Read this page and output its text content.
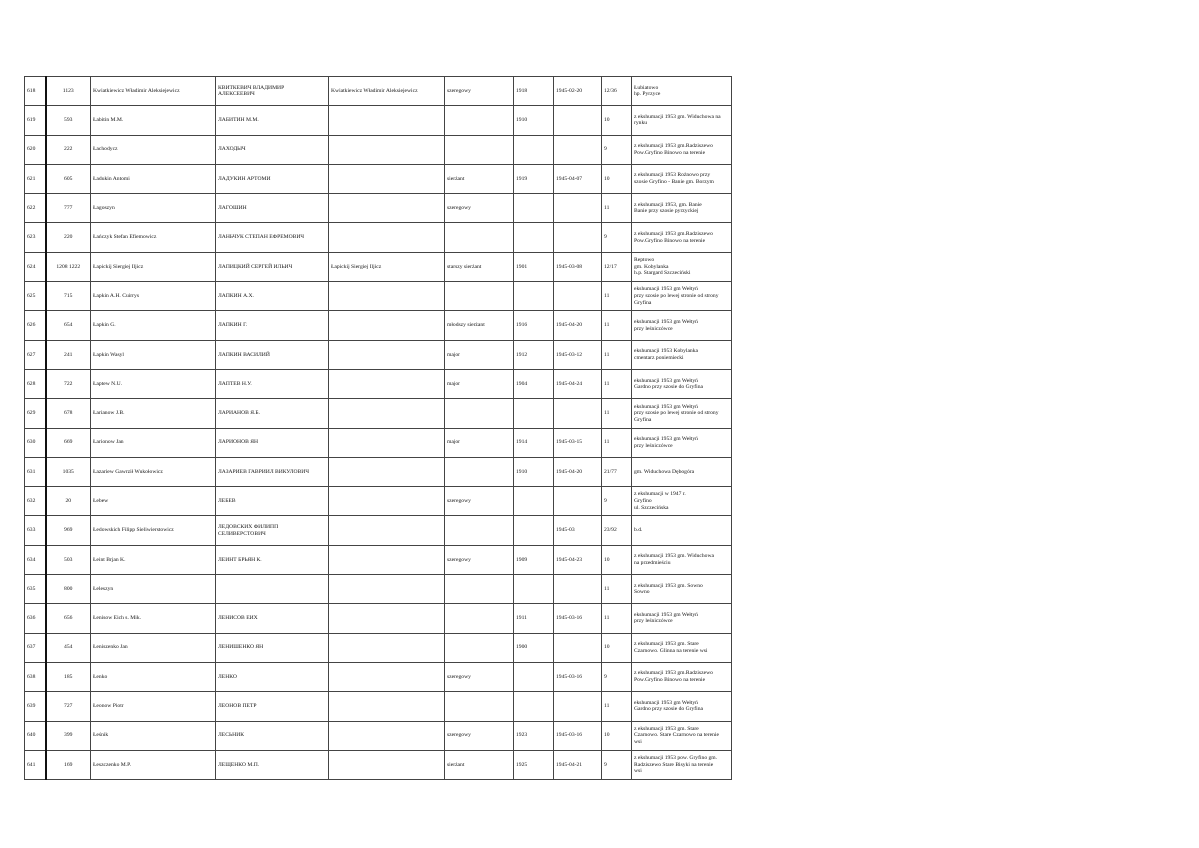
618	1123	Kwiatkiewicz Władimir Aleksiejewicz	КВИТКЕВИЧ ВЛАДИМИР
АЛЕКСЕЕВИЧ	Kwiatkiewicz Władimir Aleksiejewicz	szeregowy	1918	1945-02-20	12/36	Łubiatowo
hp. Pyrzyce

619	593	Łabitin M.M.	ЛАБИТИН М.М.			1910		10	z ekshumacji 1953 gm. Widuchowa na
rynku

620	222	Łachodycz	ЛАХОДЫЧ					9	z ekshumacji 1953 gm.Radziszewo
Pow.Gryfino Binowo na terenie

621	605	Ładukin Antomi	ЛАДУКИН АРТОМИ		sierżant	1919	1945-04-07	10	z ekshumacji 1953 Rożnowo przy
szosie Gryfino - Banie gm. Borzym

622	777	Łagoszyn	ЛАГОШИН		szeregowy			11	z ekshumacji 1953, gm. Banie
Banie przy szosie pyrzyckiej

623	220	Łańczyk Stefan Efiemowicz	ЛАНЬЧУК СТЕПАН ЕФРЕМОВИЧ					9	z ekshumacji 1953 gm.Radziszewo
Pow.Gryfino Binowo na terenie

624	1208 1222	Łapickij Siergiej Iljicz	ЛАПИЦКИЙ СЕРГЕЙ ИЛЬИЧ	Łapickij Siergiej Iljicz	starszy sierżant	1901	1945-03-08	12/17	Reptowo
gm. Kobylanka
h.p. Stargard Szczeciński

625	715	Łapkin A.H. Cuirrys	ЛАПКИН А.Х.					11	ekshumacji 1953 gm Wełtyń
przy szosie po lewej stronie od strony
Gryfina

626	654	Łapkin G.	ЛАПКИН Г.		młodszy sierżant	1916	1945-04-20	11	ekshumacji 1953 gm Wełtyń
przy leśniczówce

627	241	Łapkin Wasyl	ЛАПКИН ВАСИЛИЙ		major	1912	1945-03-12	11	ekshumacji 1953 Kobylanka
cmentarz poniemiecki

628	722	Łaptew N.U.	ЛАПТЕВ Н.У.		major	1904	1945-04-24	11	ekshumacji 1953 gm Wełtyń
Gardno przy szosie do Gryfina

629	678	Łarianow J.B.	ЛАРИАНОВ Я.Б.					11	ekshumacji 1953 gm Wełtyń
przy szosie po lewej stronie od strony
Gryfina

630	669	Łarionow Jan	ЛАРИОНОВ ЯН		major	1914	1945-03-15	11	ekshumacji 1953 gm Wełtyń
przy leśniczówce

631	1035	Łazariew Gawrził Wukołowicz	ЛАЗАРИЕВ ГАВРИИЛ ВИКУЛОВИЧ			1910	1945-04-20	21/77	gm. Widuchowa Dębogóra

632	20	Łebew	ЛЕБЕВ		szeregowy			9	z ekshumacji w 1947 r.
Gryfino
ul. Szczecińska

633	969	Łedowskich Filipp Sieliwierstowicz	ЛЕДОВСКИХ ФИЛИПП
СЕЛИВЕРСТОВИЧ				1945-03	23/92	b.d.

634	503	Łeint Brjan K.	ЛЕИНТ БРЬЯН К.		szeregowy	1909	1945-04-23	10	z ekshumacji 1953 gm. Widuchowa
na przedmieściu

635	800	Łeleszyn						11	z ekshumacji 1953 gm. Sowno
Sowno

636	656	Łenisow Eich s. Mik.	ЛЕНИСОВ ЕИХ			1911	1945-03-16	11	ekshumacji 1953 gm Wełtyń
przy leśniczówce

637	454	Łeniszenko Jan	ЛЕНИШЕНКО ЯН			1900		10	z ekshumacji 1953 gm. Stare
Czarnowo. Glinna na terenie wsi

638	185	Łenko	ЛЕНКО		szeregowy		1945-03-16	9	z ekshumacji 1953 gm.Radziszewo
Pow.Gryfino Binowo na terenie

639	727	Łeonow Piotr	ЛЕОНОВ ПЕТР					11	ekshumacji 1953 gm Wełtyń
Gardno przy szosie do Gryfina

640	399	Łeśnik	ЛЕСЬНИК		szeregowy	1923	1945-03-16	10	z ekshumacji 1953 gm. Stare
Czarnowo. Stare Czarnowo na terenie
wsi

641	169	Łeszczenko M.P.	ЛЕЩЕНКО М.П.		sierżant	1925	1945-04-21	9	z ekshumacji 1953 pow. Gryfino gm.
Radziszewo Stare Bisyki na terenie
wsi
